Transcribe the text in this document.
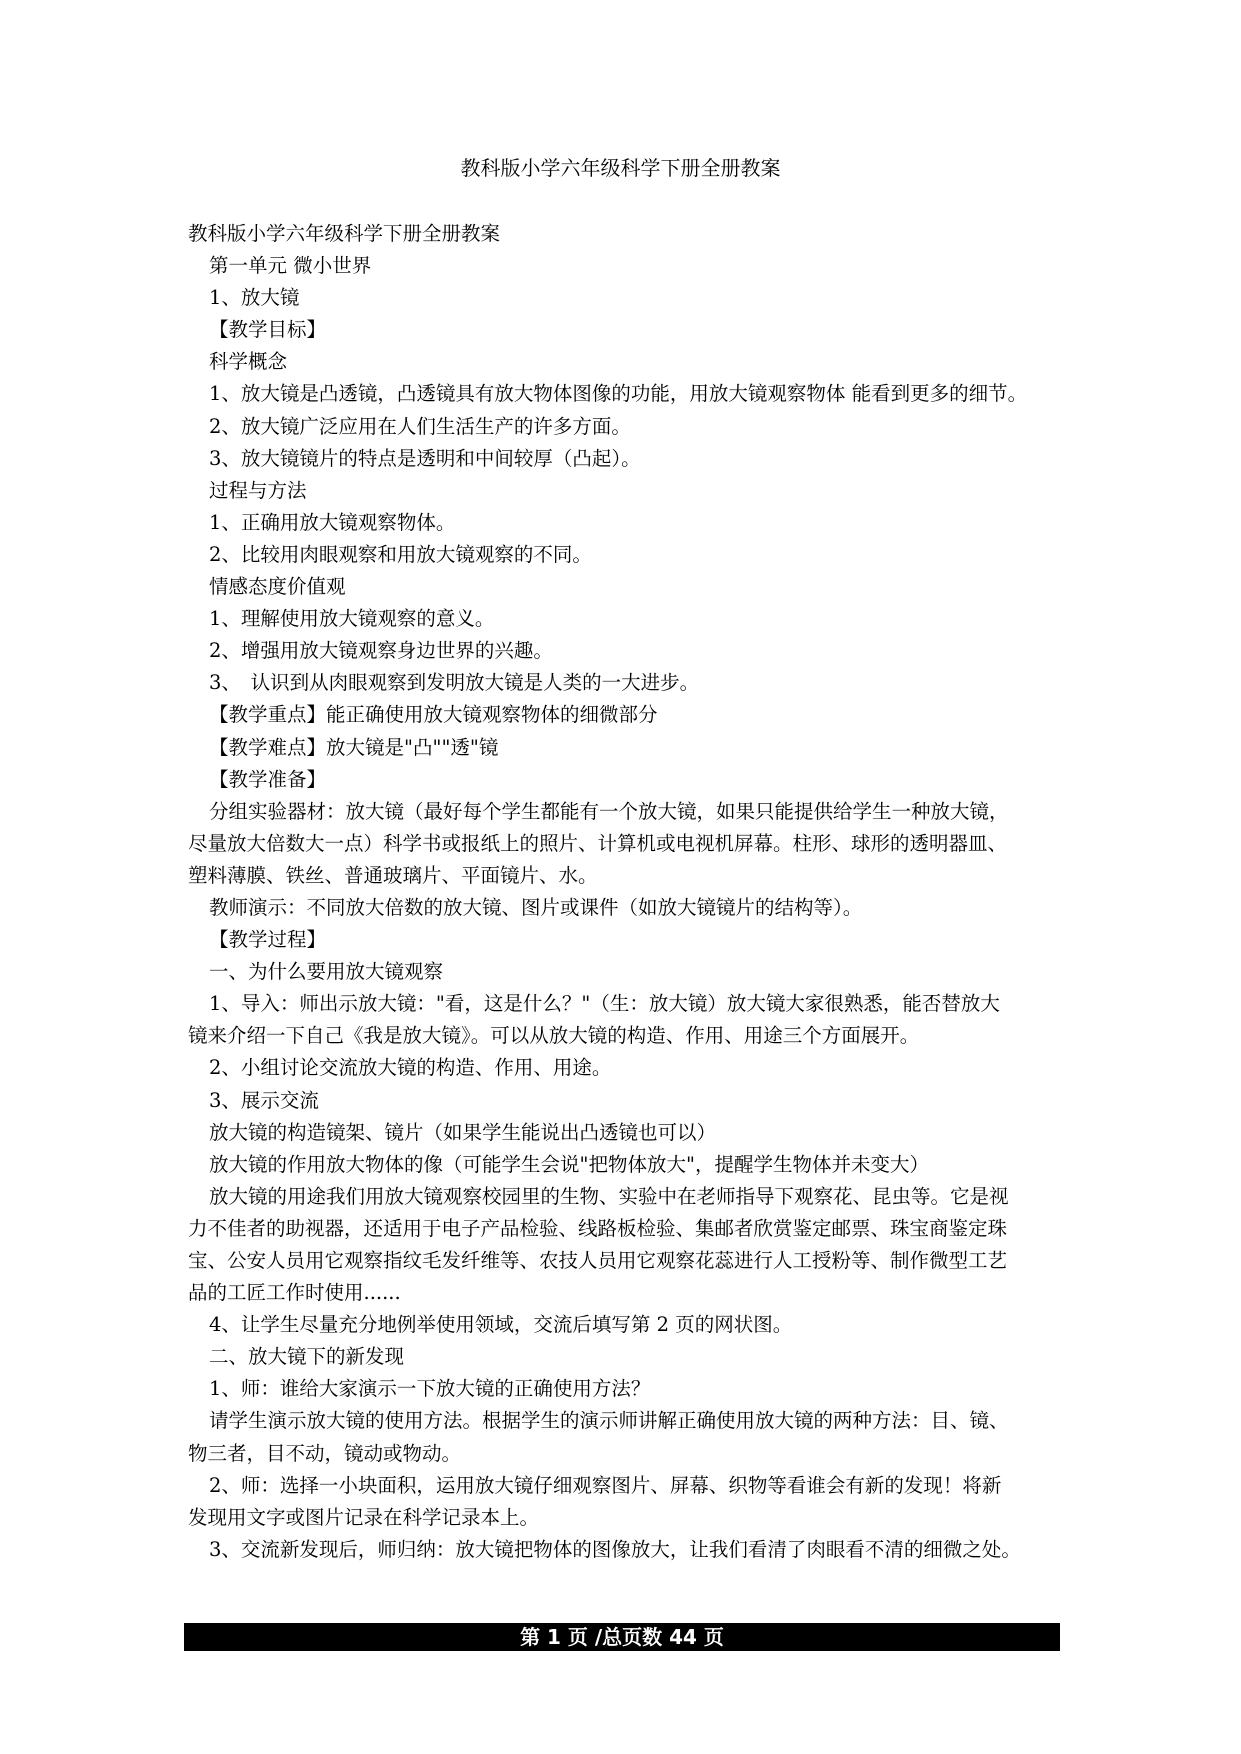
教科版小学六年级科学下册全册教案

教科版小学六年级科学下册全册教案

第一单元 微小世界

1、放大镜

【教学目标】

科学概念

1、放大镜是凸透镜，凸透镜具有放大物体图像的功能，用放大镜观察物体 能看到更多的细节。

2、放大镜广泛应用在人们生活生产的许多方面。

3、放大镜镜片的特点是透明和中间较厚（凸起）。

过程与方法

1、正确用放大镜观察物体。

2、比较用肉眼观察和用放大镜观察的不同。

情感态度价值观

1、理解使用放大镜观察的意义。

2、增强用放大镜观察身边世界的兴趣。

3、　认识到从肉眼观察到发明放大镜是人类的一大进步。

【教学重点】能正确使用放大镜观察物体的细微部分

【教学难点】放大镜是"凸""透"镜

【教学准备】

分组实验器材：放大镜（最好每个学生都能有一个放大镜，如果只能提供给学生一种放大镜，

尽量放大倍数大一点）科学书或报纸上的照片、计算机或电视机屏幕。柱形、球形的透明器皿、

塑料薄膜、铁丝、普通玻璃片、平面镜片、水。

教师演示：不同放大倍数的放大镜、图片或课件（如放大镜镜片的结构等）。

【教学过程】

一、为什么要用放大镜观察

1、导入：师出示放大镜："看，这是什么？"（生：放大镜）放大镜大家很熟悉，能否替放大

镜来介绍一下自己《我是放大镜》。可以从放大镜的构造、作用、用途三个方面展开。

2、小组讨论交流放大镜的构造、作用、用途。

3、展示交流

放大镜的构造镜架、镜片（如果学生能说出凸透镜也可以）

放大镜的作用放大物体的像（可能学生会说"把物体放大"，提醒学生物体并未变大）

放大镜的用途我们用放大镜观察校园里的生物、实验中在老师指导下观察花、昆虫等。它是视

力不佳者的助视器，还适用于电子产品检验、线路板检验、集邮者欣赏鉴定邮票、珠宝商鉴定珠

宝、公安人员用它观察指纹毛发纤维等、农技人员用它观察花蕊进行人工授粉等、制作微型工艺

品的工匠工作时使用......

4、让学生尽量充分地例举使用领域，交流后填写第 2 页的网状图。

二、放大镜下的新发现

1、师：谁给大家演示一下放大镜的正确使用方法？

请学生演示放大镜的使用方法。根据学生的演示师讲解正确使用放大镜的两种方法：目、镜、

物三者，目不动，镜动或物动。

2、师：选择一小块面积，运用放大镜仔细观察图片、屏幕、织物等看谁会有新的发现！将新

发现用文字或图片记录在科学记录本上。

3、交流新发现后，师归纳：放大镜把物体的图像放大，让我们看清了肉眼看不清的细微之处。

第 1 页 /总页数 44 页
